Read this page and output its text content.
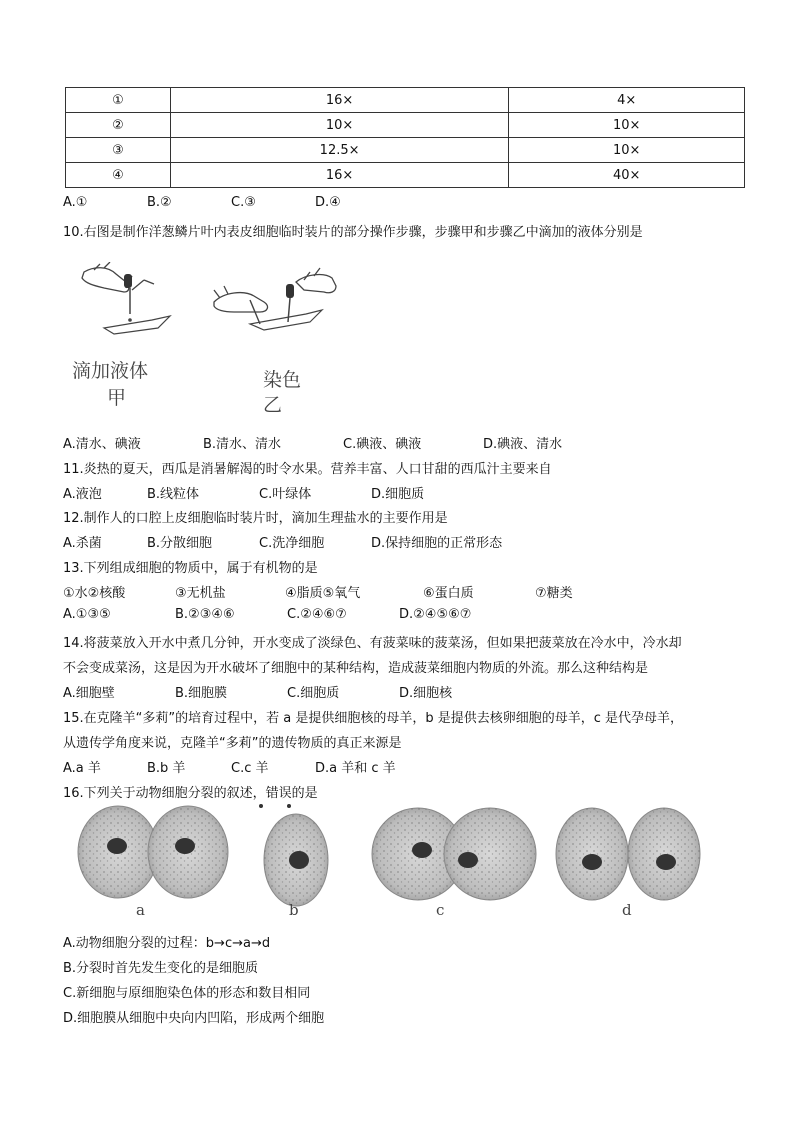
①	16×	4×
②	10×	10×
③	12.5×	10×
④	16×	40×
A.①	B.②	C.③	D.④
10.右图是制作洋葱鳞片叶内表皮细胞临时装片的部分操作步骤，步骤甲和步骤乙中滴加的液体分别是
滴加液体
甲
染色
乙
A.清水、碘液	B.清水、清水	C.碘液、碘液	D.碘液、清水
11.炎热的夏天，西瓜是消暑解渴的时令水果。营养丰富、人口甘甜的西瓜汁主要来自
A.液泡	B.线粒体	C.叶绿体	D.细胞质
12.制作人的口腔上皮细胞临时装片时，滴加生理盐水的主要作用是
A.杀菌	B.分散细胞	C.洗净细胞	D.保持细胞的正常形态
13.下列组成细胞的物质中，属于有机物的是
①水②核酸	③无机盐	④脂质⑤氧气	⑥蛋白质	⑦糖类
A.①③⑤	B.②③④⑥	C.②④⑥⑦	D.②④⑤⑥⑦
14.将菠菜放入开水中煮几分钟，开水变成了淡绿色、有菠菜味的菠菜汤，但如果把菠菜放在冷水中，冷水却
不会变成菜汤，这是因为开水破坏了细胞中的某种结构，造成菠菜细胞内物质的外流。那么这种结构是
A.细胞壁	B.细胞膜	C.细胞质	D.细胞核
15.在克隆羊“多莉”的培育过程中，若 a 是提供细胞核的母羊，b 是提供去核卵细胞的母羊，c 是代孕母羊，
从遗传学角度来说，克隆羊“多莉”的遗传物质的真正来源是
A.a 羊	B.b 羊	C.c 羊	D.a 羊和 c 羊
16.下列关于动物细胞分裂的叙述，错误的是
a	b	c	d
A.动物细胞分裂的过程：b→c→a→d
B.分裂时首先发生变化的是细胞质
C.新细胞与原细胞染色体的形态和数目相同
D.细胞膜从细胞中央向内凹陷，形成两个细胞
